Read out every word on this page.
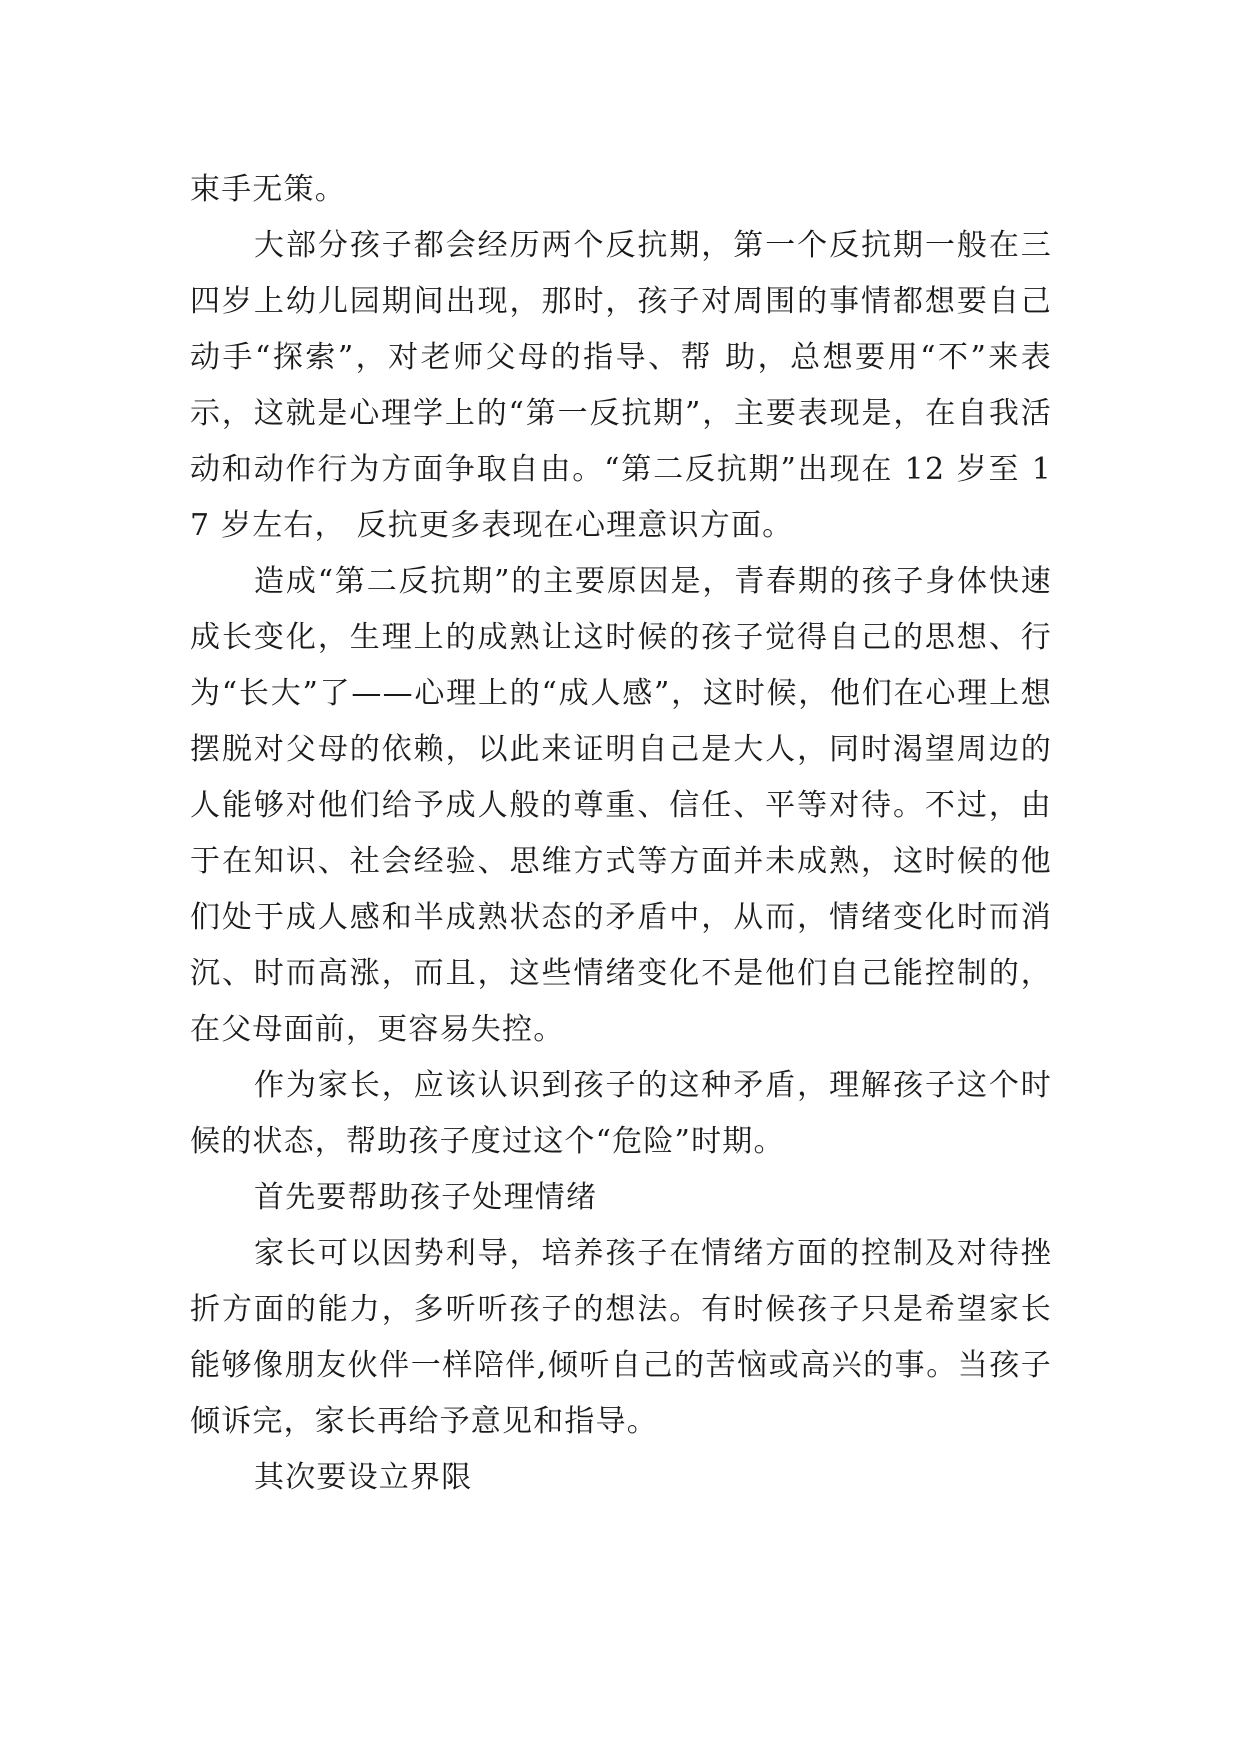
束手无策。

大部分孩子都会经历两个反抗期，第一个反抗期一般在三四岁上幼儿园期间出现，那时，孩子对周围的事情都想要自己动手“探索”，对老师父母的指导、帮 助，总想要用“不”来表示，这就是心理学上的“第一反抗期”，主要表现是，在自我活动和动作行为方面争取自由。“第二反抗期”出现在 12 岁至 17 岁左右， 反抗更多表现在心理意识方面。

造成“第二反抗期”的主要原因是，青春期的孩子身体快速成长变化，生理上的成熟让这时候的孩子觉得自己的思想、行为“长大”了——心理上的“成人感”，这时候，他们在心理上想摆脱对父母的依赖，以此来证明自己是大人，同时渴望周边的人能够对他们给予成人般的尊重、信任、平等对待。不过，由于在知识、社会经验、思维方式等方面并未成熟，这时候的他们处于成人感和半成熟状态的矛盾中，从而，情绪变化时而消沉、时而高涨，而且，这些情绪变化不是他们自己能控制的，在父母面前，更容易失控。

作为家长，应该认识到孩子的这种矛盾，理解孩子这个时候的状态，帮助孩子度过这个“危险”时期。

首先要帮助孩子处理情绪

家长可以因势利导，培养孩子在情绪方面的控制及对待挫折方面的能力，多听听孩子的想法。有时候孩子只是希望家长能够像朋友伙伴一样陪伴,倾听自己的苦恼或高兴的事。当孩子倾诉完，家长再给予意见和指导。

其次要设立界限
